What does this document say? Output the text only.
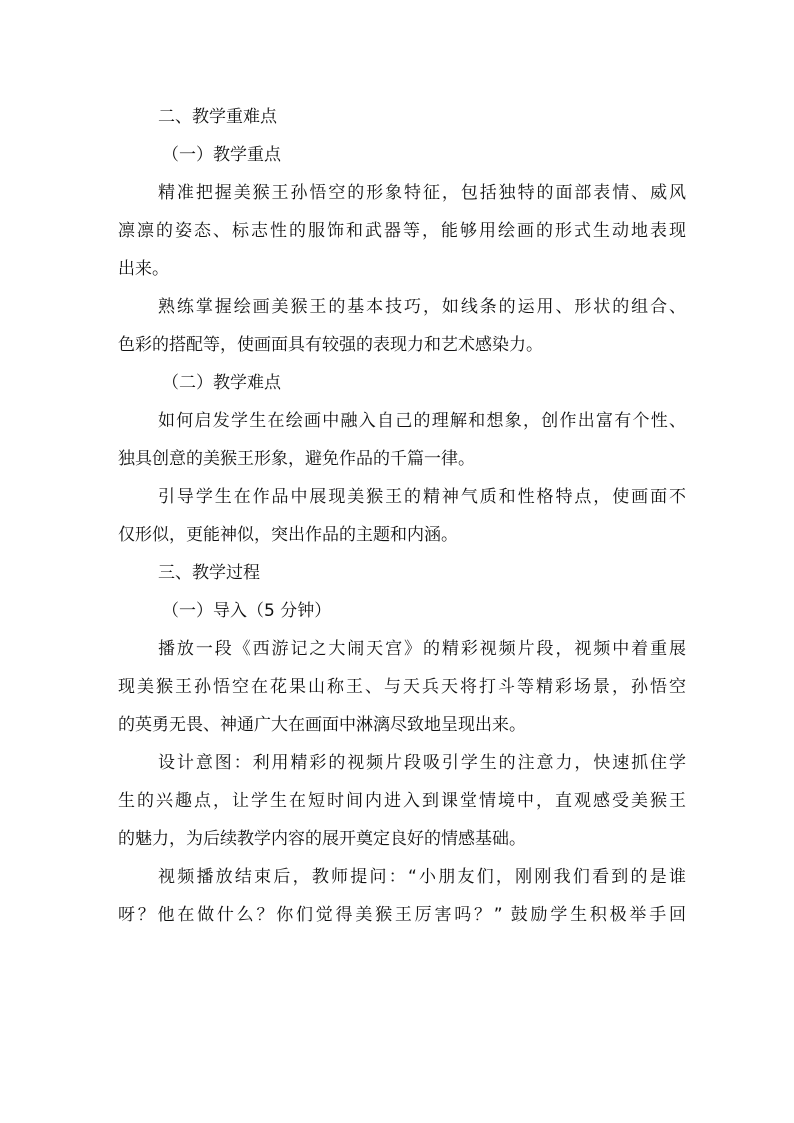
二、教学重难点
（一）教学重点
精准把握美猴王孙悟空的形象特征，包括独特的面部表情、威风
凛凛的姿态、标志性的服饰和武器等，能够用绘画的形式生动地表现
出来。
熟练掌握绘画美猴王的基本技巧，如线条的运用、形状的组合、
色彩的搭配等，使画面具有较强的表现力和艺术感染力。
（二）教学难点
如何启发学生在绘画中融入自己的理解和想象，创作出富有个性、
独具创意的美猴王形象，避免作品的千篇一律。
引导学生在作品中展现美猴王的精神气质和性格特点，使画面不
仅形似，更能神似，突出作品的主题和内涵。
三、教学过程
（一）导入（5 分钟）
播放一段《西游记之大闹天宫》的精彩视频片段，视频中着重展
现美猴王孙悟空在花果山称王、与天兵天将打斗等精彩场景，孙悟空
的英勇无畏、神通广大在画面中淋漓尽致地呈现出来。
设计意图：利用精彩的视频片段吸引学生的注意力，快速抓住学
生的兴趣点，让学生在短时间内进入到课堂情境中，直观感受美猴王
的魅力，为后续教学内容的展开奠定良好的情感基础。
视频播放结束后，教师提问：“小朋友们，刚刚我们看到的是谁
呀？他在做什么？你们觉得美猴王厉害吗？” 鼓励学生积极举手回
